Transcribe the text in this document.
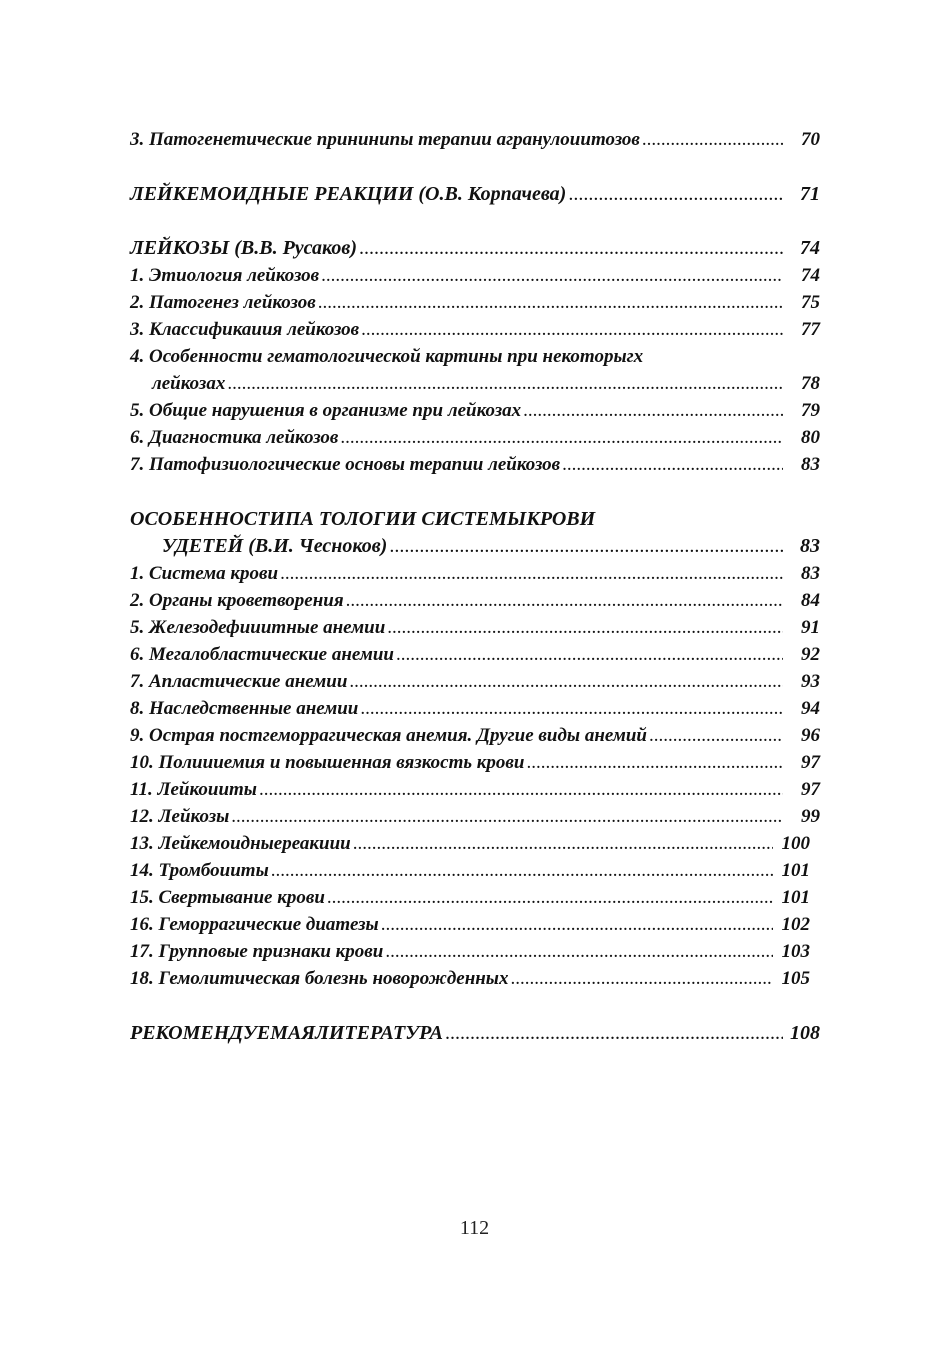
3. Патогенетические прининипы терапии агранулоиитозов .....	70
ЛЕЙКЕМОИДНЫЕ РЕАКЦИИ (О.В. Корпачева) .....	71
ЛЕЙКОЗЫ (В.В. Русаков) .....	74
1. Этиология лейкозов .....	74
2. Патогенез лейкозов .....	75
3. Классификаиия лейкозов .....	77
4. Особенности гематологической картины при некоторыгх
лейкозах .....	78
5. Общие нарушения в организме при лейкозах .....	79
6. Диагностика лейкозов .....	80
7. Патофизиологические основы терапии лейкозов .....	83
ОСОБЕННОСТИПА ТОЛОГИИ СИСТЕМЫКРОВИ
УДЕТЕЙ (В.И. Чесноков) .....	83
1. Система крови .....	83
2. Органы кроветворения .....	84
5. Железодефииитные анемии .....	91
6. Мегалобластические анемии .....	92
7. Апластические анемии .....	93
8. Наследственные анемии .....	94
9. Острая постгеморрагическая анемия. Другие виды анемий .....	96
10. Полиииемия и повышенная вязкость крови .....	97
11. Лейкоииты .....	97
12. Лейкозы .....	99
13. Лейкемоидныереакиии .....	100
14. Тромбоииты .....	101
15. Свертывание крови .....	101
16. Геморрагические диатезы .....	102
17. Групповые признаки крови .....	103
18. Гемолитическая болезнь новорожденных .....	105
РЕКОМЕНДУЕМАЯЛИТЕРАТУРА .....	108
112
